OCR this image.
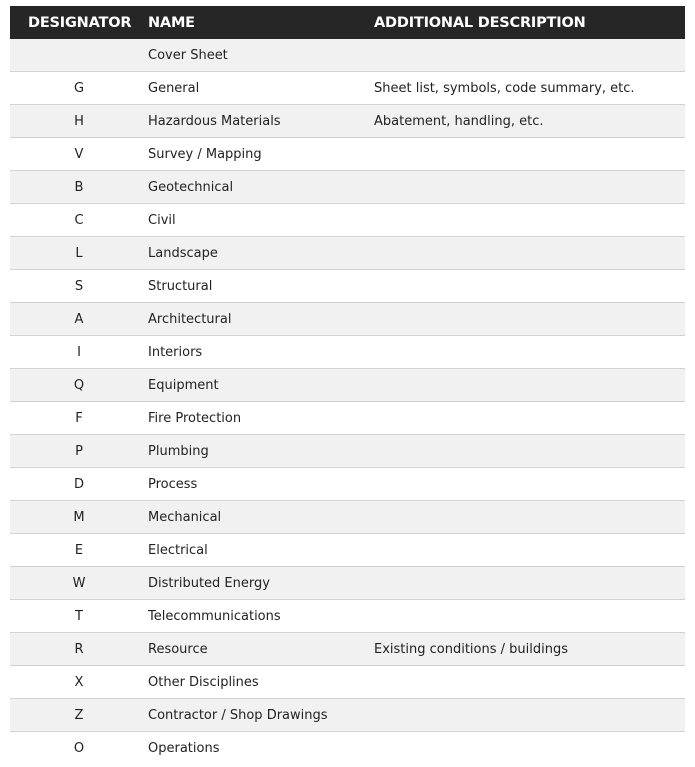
DESIGNATOR	NAME	ADDITIONAL DESCRIPTION
	Cover Sheet	
G	General	Sheet list, symbols, code summary, etc.
H	Hazardous Materials	Abatement, handling, etc.
V	Survey / Mapping	
B	Geotechnical	
C	Civil	
L	Landscape	
S	Structural	
A	Architectural	
I	Interiors	
Q	Equipment	
F	Fire Protection	
P	Plumbing	
D	Process	
M	Mechanical	
E	Electrical	
W	Distributed Energy	
T	Telecommunications	
R	Resource	Existing conditions / buildings
X	Other Disciplines	
Z	Contractor / Shop Drawings	
O	Operations	
